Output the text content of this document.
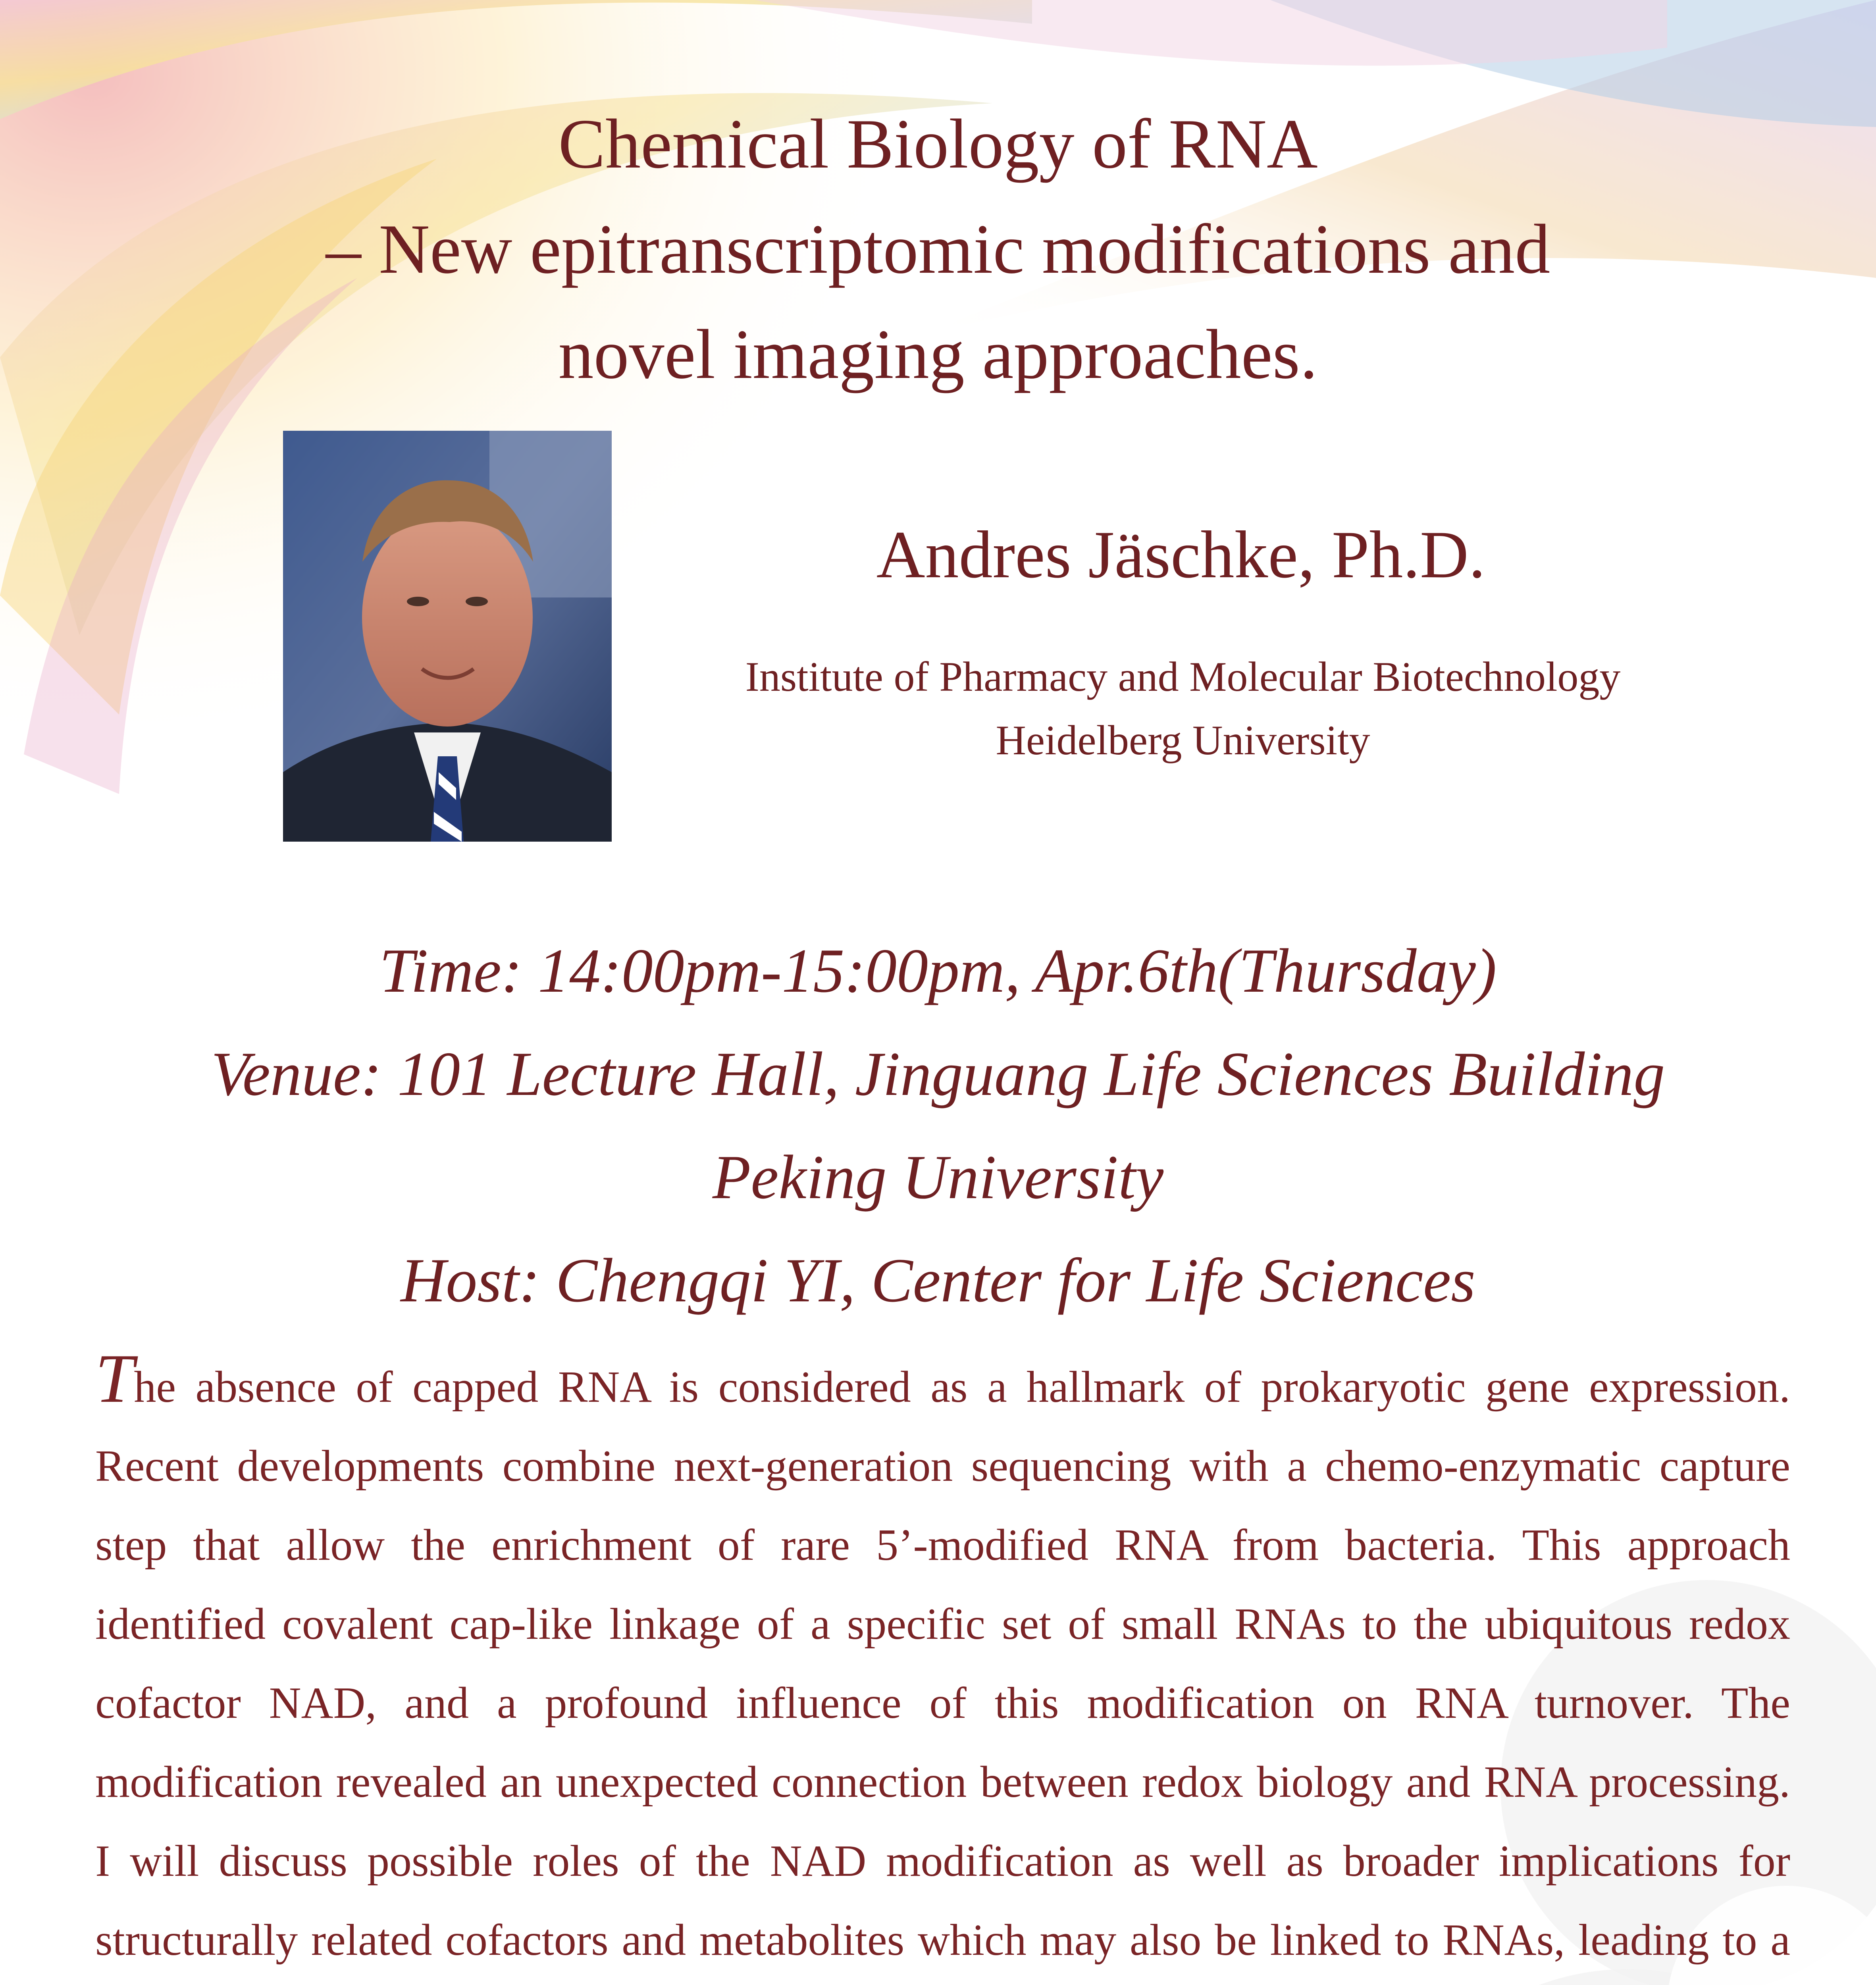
Chemical Biology of RNA
– New epitranscriptomic modifications and
novel imaging approaches.
Andres Jäschke, Ph.D.
Institute of Pharmacy and Molecular Biotechnology
Heidelberg University
Time: 14:00pm-15:00pm, Apr.6th(Thursday)
Venue: 101 Lecture Hall, Jinguang Life Sciences Building
Peking University
Host: Chengqi YI, Center for Life Sciences

The absence of capped RNA is considered as a hallmark of prokaryotic gene expression. Recent developments combine next-generation sequencing with a chemo-enzymatic capture step that allow the enrichment of rare 5’-modified RNA from bacteria. This approach identified covalent cap-like linkage of a specific set of small RNAs to the ubiquitous redox cofactor NAD, and a profound influence of this modification on RNA turnover. The modification revealed an unexpected connection between redox biology and RNA processing. I will discuss possible roles of the NAD modification as well as broader implications for structurally related cofactors and metabolites which may also be linked to RNAs, leading to a
